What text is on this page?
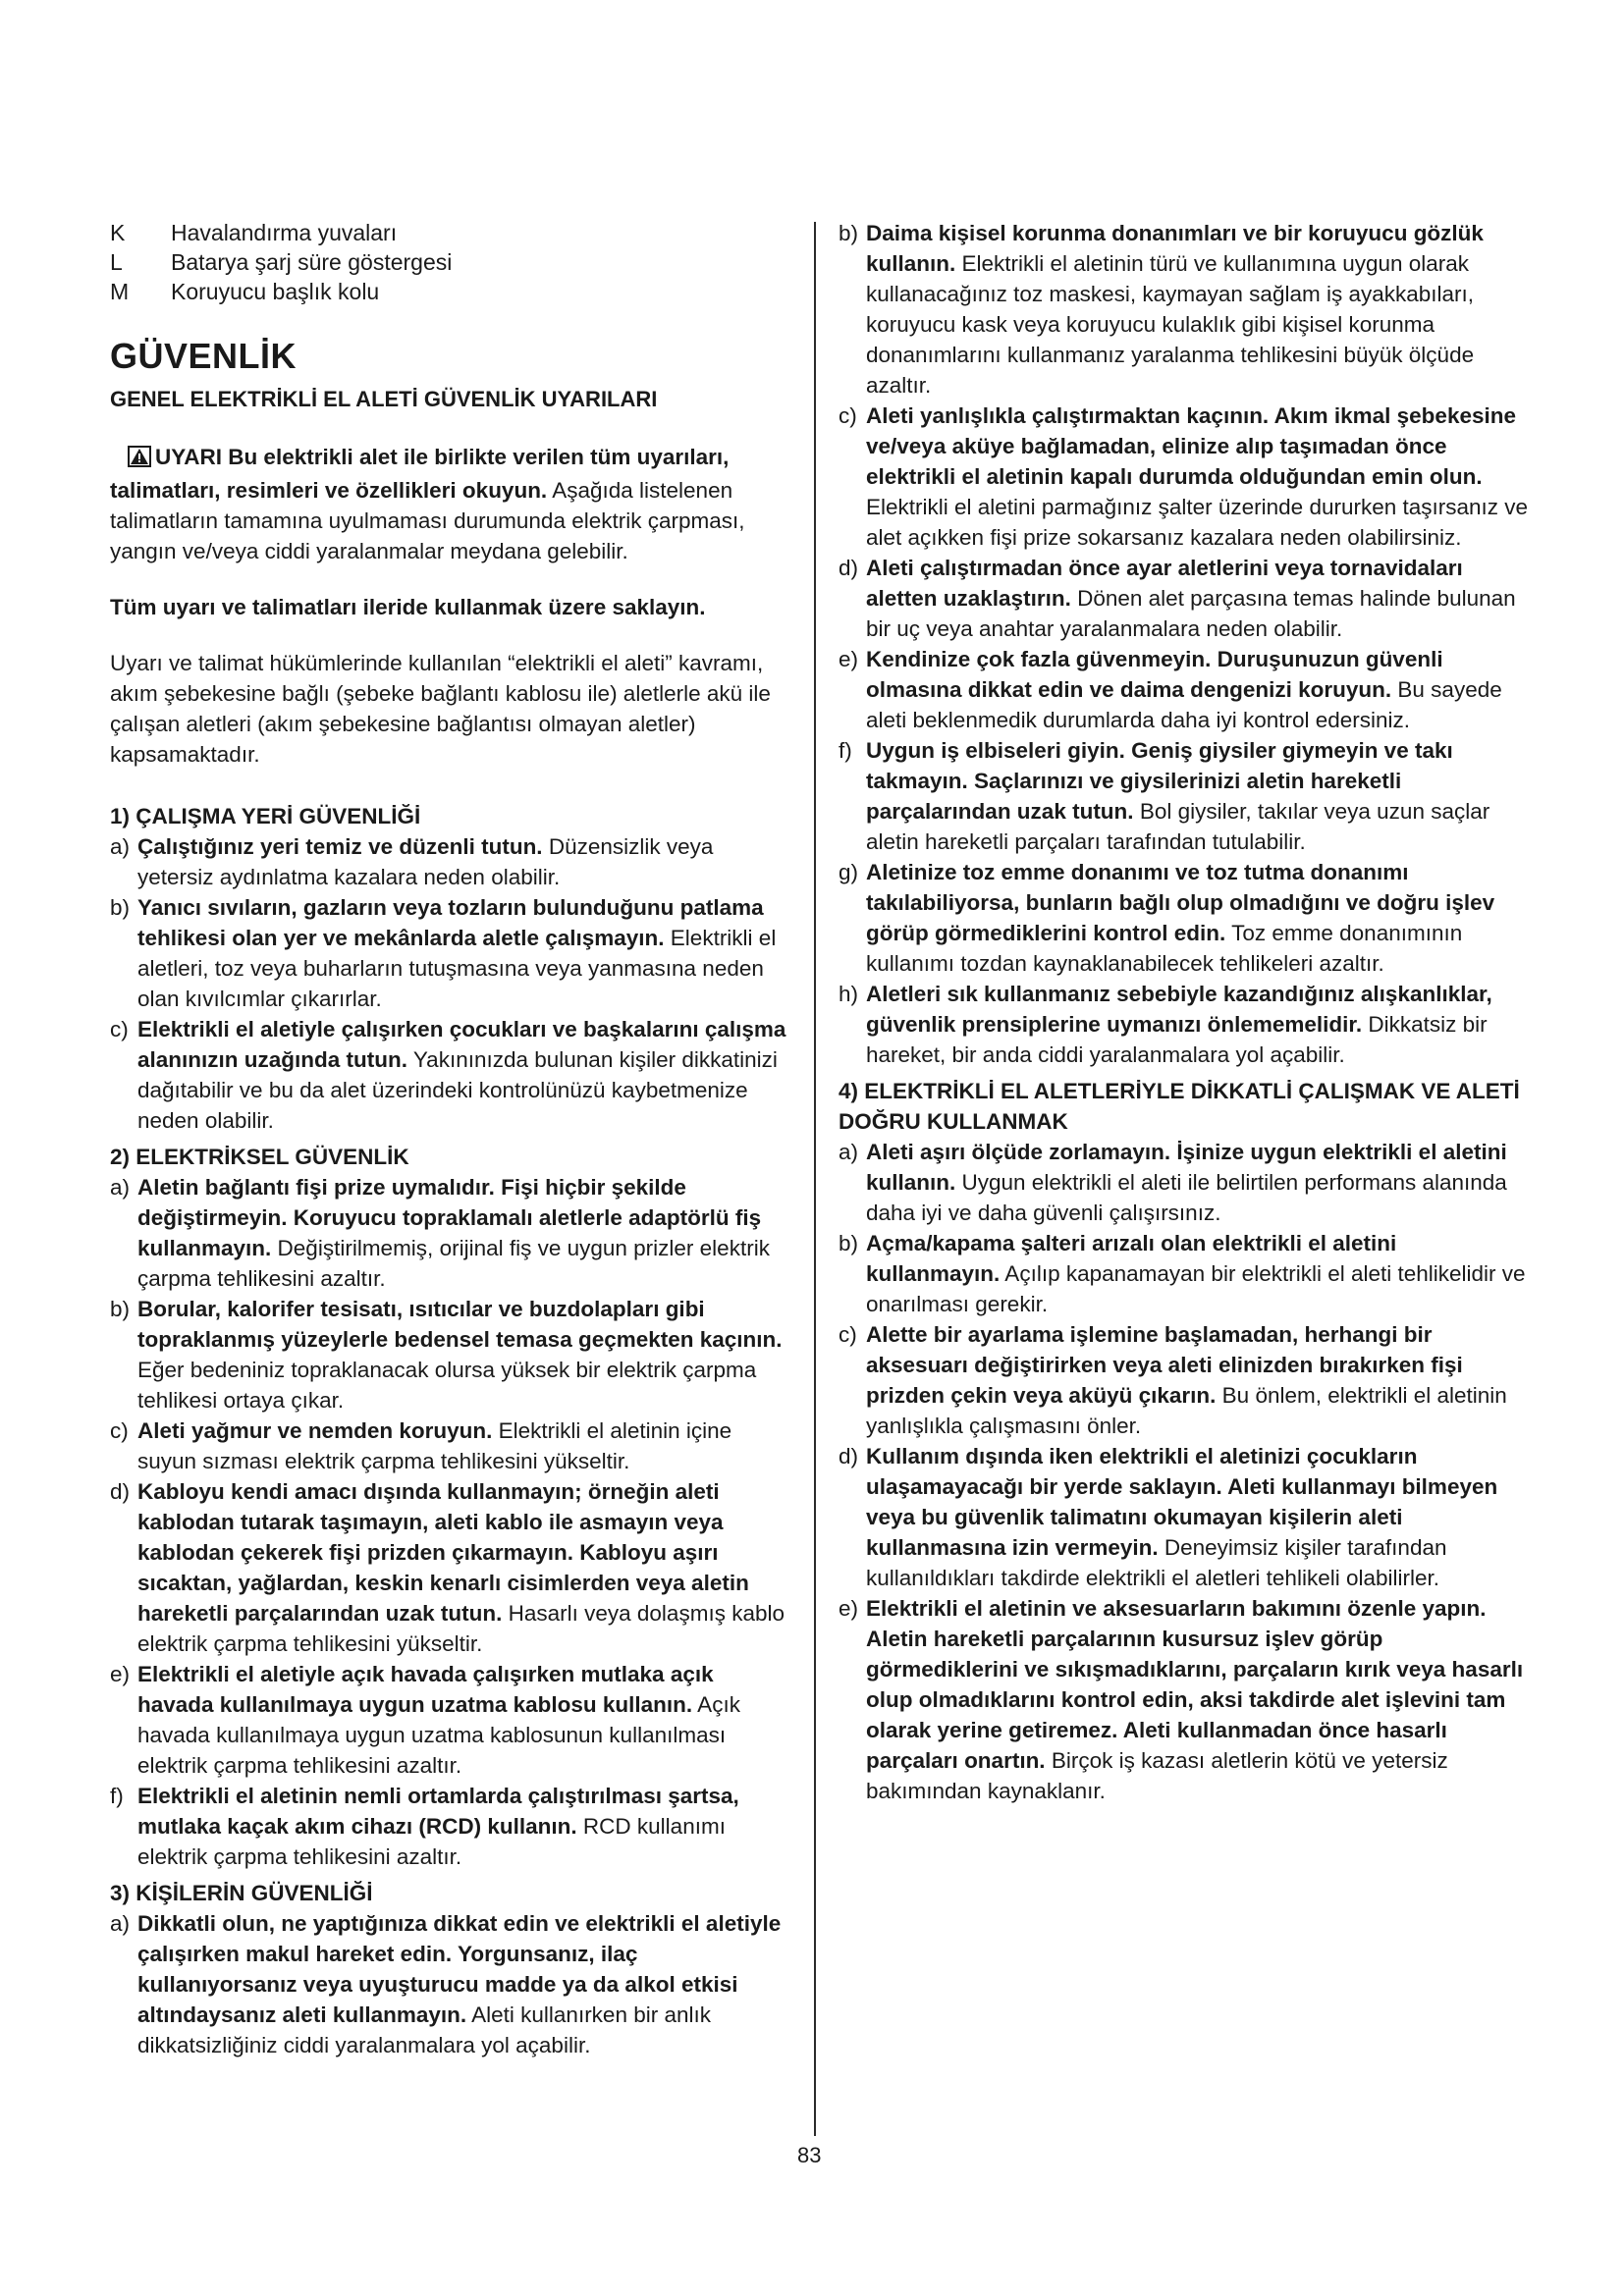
K	Havalandırma yuvaları
L	Batarya şarj süre göstergesi
M	Koruyucu başlık kolu
GÜVENLİK
GENEL ELEKTRİKLİ EL ALETİ GÜVENLİK UYARILARI

UYARI Bu elektrikli alet ile birlikte verilen tüm uyarıları, talimatları, resimleri ve özellikleri okuyun. Aşağıda listelenen talimatların tamamına uyulmaması durumunda elektrik çarpması, yangın ve/veya ciddi yaralanmalar meydana gelebilir.

Tüm uyarı ve talimatları ileride kullanmak üzere saklayın.

Uyarı ve talimat hükümlerinde kullanılan “elektrikli el aleti” kavramı, akım şebekesine bağlı (şebeke bağlantı kablosu ile) aletlerle akü ile çalışan aletleri (akım şebekesine bağlantısı olmayan aletler) kapsamaktadır.

1) ÇALIŞMA YERİ GÜVENLİĞİ
a) Çalıştığınız yeri temiz ve düzenli tutun. Düzensizlik veya yetersiz aydınlatma kazalara neden olabilir.
b) Yanıcı sıvıların, gazların veya tozların bulunduğunu patlama tehlikesi olan yer ve mekânlarda aletle çalışmayın. Elektrikli el aletleri, toz veya buharların tutuşmasına veya yanmasına neden olan kıvılcımlar çıkarırlar.
c) Elektrikli el aletiyle çalışırken çocukları ve başkalarını çalışma alanınızın uzağında tutun. Yakınınızda bulunan kişiler dikkatinizi dağıtabilir ve bu da alet üzerindeki kontrolünüzü kaybetmenize neden olabilir.
2) ELEKTRİKSEL GÜVENLİK
a) Aletin bağlantı fişi prize uymalıdır. Fişi hiçbir şekilde değiştirmeyin. Koruyucu topraklamalı aletlerle adaptörlü fiş kullanmayın. Değiştirilmemiş, orijinal fiş ve uygun prizler elektrik çarpma tehlikesini azaltır.
b) Borular, kalorifer tesisatı, ısıtıcılar ve buzdolapları gibi topraklanmış yüzeylerle bedensel temasa geçmekten kaçının. Eğer bedeniniz topraklanacak olursa yüksek bir elektrik çarpma tehlikesi ortaya çıkar.
c) Aleti yağmur ve nemden koruyun. Elektrikli el aletinin içine suyun sızması elektrik çarpma tehlikesini yükseltir.
d) Kabloyu kendi amacı dışında kullanmayın; örneğin aleti kablodan tutarak taşımayın, aleti kablo ile asmayın veya kablodan çekerek fişi prizden çıkarmayın. Kabloyu aşırı sıcaktan, yağlardan, keskin kenarlı cisimlerden veya aletin hareketli parçalarından uzak tutun. Hasarlı veya dolaşmış kablo elektrik çarpma tehlikesini yükseltir.
e) Elektrikli el aletiyle açık havada çalışırken mutlaka açık havada kullanılmaya uygun uzatma kablosu kullanın. Açık havada kullanılmaya uygun uzatma kablosunun kullanılması elektrik çarpma tehlikesini azaltır.
f) Elektrikli el aletinin nemli ortamlarda çalıştırılması şartsa, mutlaka kaçak akım cihazı (RCD) kullanın. RCD kullanımı elektrik çarpma tehlikesini azaltır.
3) KİŞİLERİN GÜVENLİĞİ
a) Dikkatli olun, ne yaptığınıza dikkat edin ve elektrikli el aletiyle çalışırken makul hareket edin. Yorgunsanız, ilaç kullanıyorsanız veya uyuşturucu madde ya da alkol etkisi altındaysanız aleti kullanmayın. Aleti kullanırken bir anlık dikkatsizliğiniz ciddi yaralanmalara yol açabilir.
b) Daima kişisel korunma donanımları ve bir koruyucu gözlük kullanın. Elektrikli el aletinin türü ve kullanımına uygun olarak kullanacağınız toz maskesi, kaymayan sağlam iş ayakkabıları, koruyucu kask veya koruyucu kulaklık gibi kişisel korunma donanımlarını kullanmanız yaralanma tehlikesini büyük ölçüde azaltır.
c) Aleti yanlışlıkla çalıştırmaktan kaçının. Akım ikmal şebekesine ve/veya aküye bağlamadan, elinize alıp taşımadan önce elektrikli el aletinin kapalı durumda olduğundan emin olun. Elektrikli el aletini parmağınız şalter üzerinde dururken taşırsanız ve alet açıkken fişi prize sokarsanız kazalara neden olabilirsiniz.
d) Aleti çalıştırmadan önce ayar aletlerini veya tornavidaları aletten uzaklaştırın. Dönen alet parçasına temas halinde bulunan bir uç veya anahtar yaralanmalara neden olabilir.
e) Kendinize çok fazla güvenmeyin. Duruşunuzun güvenli olmasına dikkat edin ve daima dengenizi koruyun. Bu sayede aleti beklenmedik durumlarda daha iyi kontrol edersiniz.
f) Uygun iş elbiseleri giyin. Geniş giysiler giymeyin ve takı takmayın. Saçlarınızı ve giysilerinizi aletin hareketli parçalarından uzak tutun. Bol giysiler, takılar veya uzun saçlar aletin hareketli parçaları tarafından tutulabilir.
g) Aletinize toz emme donanımı ve toz tutma donanımı takılabiliyorsa, bunların bağlı olup olmadığını ve doğru işlev görüp görmediklerini kontrol edin. Toz emme donanımının kullanımı tozdan kaynaklanabilecek tehlikeleri azaltır.
h) Aletleri sık kullanmanız sebebiyle kazandığınız alışkanlıklar, güvenlik prensiplerine uymanızı önlememelidir. Dikkatsiz bir hareket, bir anda ciddi yaralanmalara yol açabilir.
4) ELEKTRİKLİ EL ALETLERİYLE DİKKATLİ ÇALIŞMAK VE ALETİ DOĞRU KULLANMAK
a) Aleti aşırı ölçüde zorlamayın. İşinize uygun elektrikli el aletini kullanın. Uygun elektrikli el aleti ile belirtilen performans alanında daha iyi ve daha güvenli çalışırsınız.
b) Açma/kapama şalteri arızalı olan elektrikli el aletini kullanmayın. Açılıp kapanamayan bir elektrikli el aleti tehlikelidir ve onarılması gerekir.
c) Alette bir ayarlama işlemine başlamadan, herhangi bir aksesuarı değiştirirken veya aleti elinizden bırakırken fişi prizden çekin veya aküyü çıkarın. Bu önlem, elektrikli el aletinin yanlışlıkla çalışmasını önler.
d) Kullanım dışında iken elektrikli el aletinizi çocukların ulaşamayacağı bir yerde saklayın. Aleti kullanmayı bilmeyen veya bu güvenlik talimatını okumayan kişilerin aleti kullanmasına izin vermeyin. Deneyimsiz kişiler tarafından kullanıldıkları takdirde elektrikli el aletleri tehlikeli olabilirler.
e) Elektrikli el aletinin ve aksesuarların bakımını özenle yapın. Aletin hareketli parçalarının kusursuz işlev görüp görmediklerini ve sıkışmadıklarını, parçaların kırık veya hasarlı olup olmadıklarını kontrol edin, aksi takdirde alet işlevini tam olarak yerine getiremez. Aleti kullanmadan önce hasarlı parçaları onartın. Birçok iş kazası aletlerin kötü ve yetersiz bakımından kaynaklanır.
83
